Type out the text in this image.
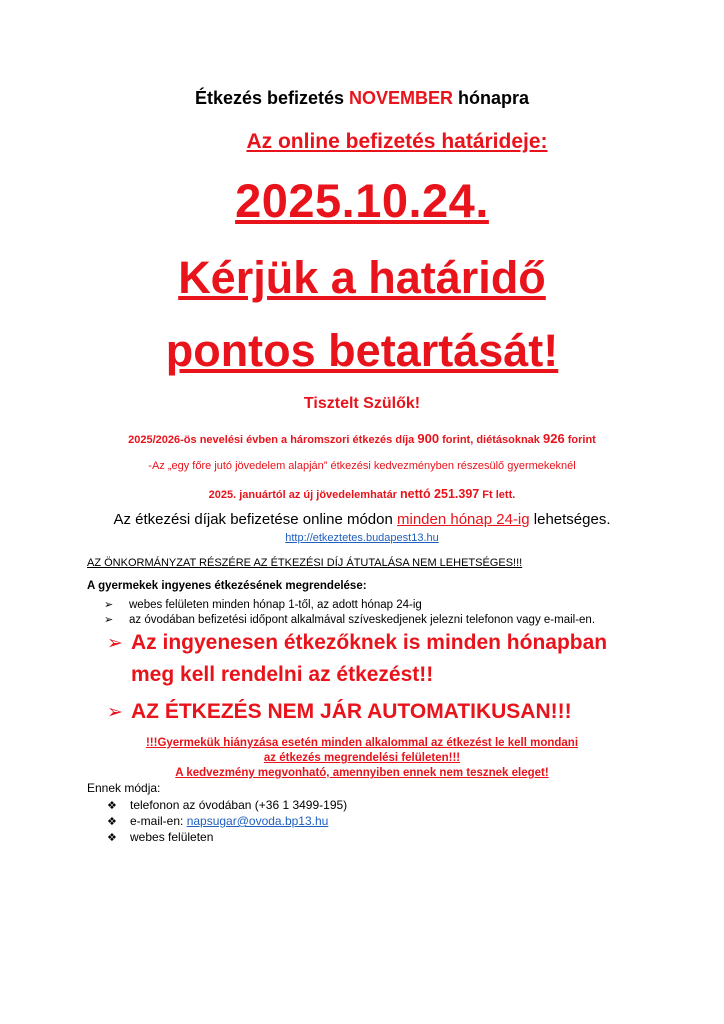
Étkezés befizetés NOVEMBER hónapra
Az online befizetés határideje:
2025.10.24.
Kérjük a határidő
pontos betartását!
Tisztelt Szülők!
2025/2026-ös nevelési évben a háromszori étkezés díja 900 forint, diétásoknak 926 forint
-Az „egy főre jutó jövedelem alapján” étkezési kedvezményben részesülő gyermekeknél
2025. januártól az új jövedelemhatár nettó 251.397 Ft lett.
Az étkezési díjak befizetése online módon minden hónap 24-ig lehetséges.
http://etkeztetes.budapest13.hu
AZ ÖNKORMÁNYZAT RÉSZÉRE AZ ÉTKEZÉSI DÍJ ÁTUTALÁSA NEM LEHETSÉGES!!!
A gyermekek ingyenes étkezésének megrendelése:
➢ webes felületen minden hónap 1-től, az adott hónap 24-ig
➢ az óvodában befizetési időpont alkalmával szíveskedjenek jelezni telefonon vagy e-mail-en.
➢ Az ingyenesen étkezőknek is minden hónapban
meg kell rendelni az étkezést!!
➢ AZ ÉTKEZÉS NEM JÁR AUTOMATIKUSAN!!!
!!!Gyermekük hiányzása esetén minden alkalommal az étkezést le kell mondani
az étkezés megrendelési felületen!!!
A kedvezmény megvonható, amennyiben ennek nem tesznek eleget!
Ennek módja:
❖ telefonon az óvodában (+36 1 3499-195)
❖ e-mail-en: napsugar@ovoda.bp13.hu
❖ webes felületen
